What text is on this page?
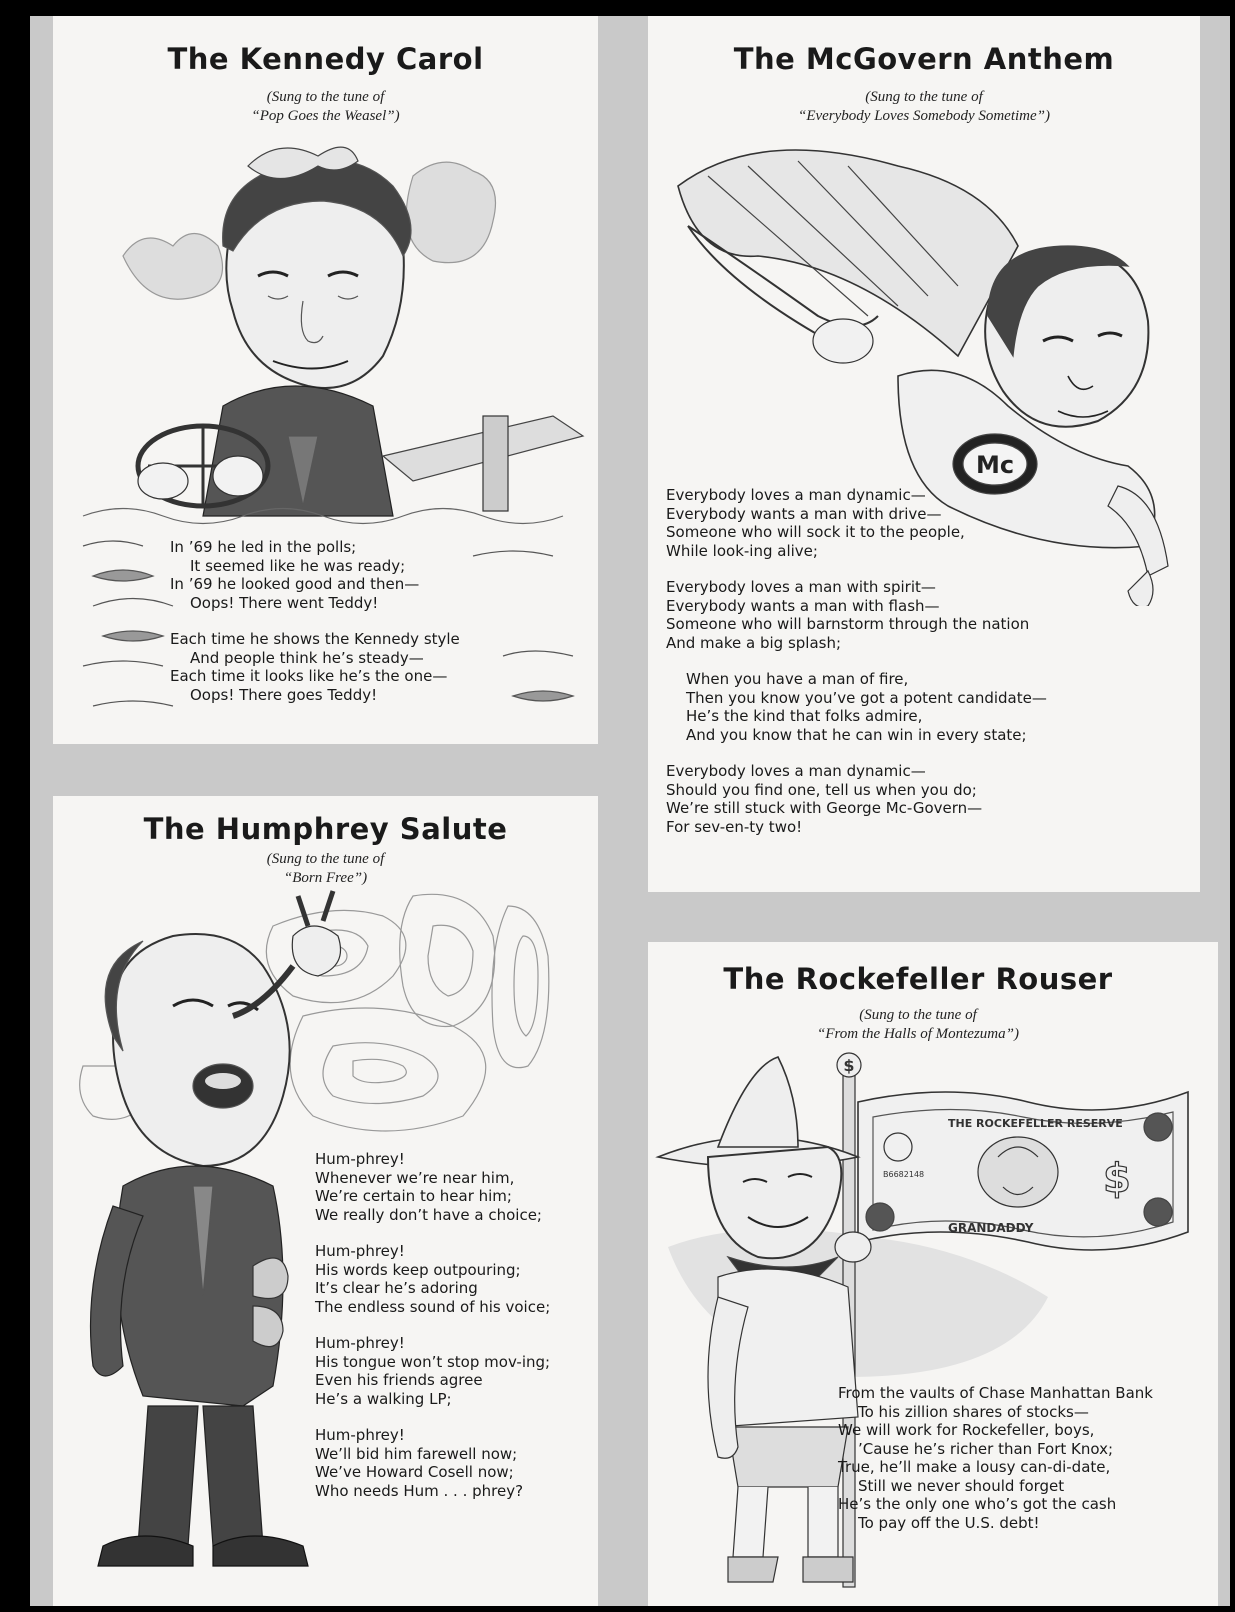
The Kennedy Carol
(Sung to the tune of
“Pop Goes the Weasel”)
In ’69 he led in the polls;
It seemed like he was ready;
In ’69 he looked good and then—
Oops! There went Teddy!
Each time he shows the Kennedy style
And people think he’s steady—
Each time it looks like he’s the one—
Oops! There goes Teddy!
The McGovern Anthem
(Sung to the tune of
“Everybody Loves Somebody Sometime”)
Mc
Everybody loves a man dynamic—
Everybody wants a man with drive—
Someone who will sock it to the people,
While look-ing alive;
Everybody loves a man with spirit—
Everybody wants a man with flash—
Someone who will barnstorm through the nation
And make a big splash;
When you have a man of fire,
Then you know you’ve got a potent candidate—
He’s the kind that folks admire,
And you know that he can win in every state;
Everybody loves a man dynamic—
Should you find one, tell us when you do;
We’re still stuck with George Mc-Govern—
For sev-en-ty two!
The Humphrey Salute
(Sung to the tune of
“Born Free”)
Hum-phrey!
Whenever we’re near him,
We’re certain to hear him;
We really don’t have a choice;
Hum-phrey!
His words keep outpouring;
It’s clear he’s adoring
The endless sound of his voice;
Hum-phrey!
His tongue won’t stop mov-ing;
Even his friends agree
He’s a walking LP;
Hum-phrey!
We’ll bid him farewell now;
We’ve Howard Cosell now;
Who needs Hum . . . phrey?
The Rockefeller Rouser
(Sung to the tune of
“From the Halls of Montezuma”)
$
THE ROCKEFELLER RESERVE
B6682148
GRANDADDY
$
From the vaults of Chase Manhattan Bank
To his zillion shares of stocks—
We will work for Rockefeller, boys,
’Cause he’s richer than Fort Knox;
True, he’ll make a lousy can-di-date,
Still we never should forget
He’s the only one who’s got the cash
To pay off the U.S. debt!
